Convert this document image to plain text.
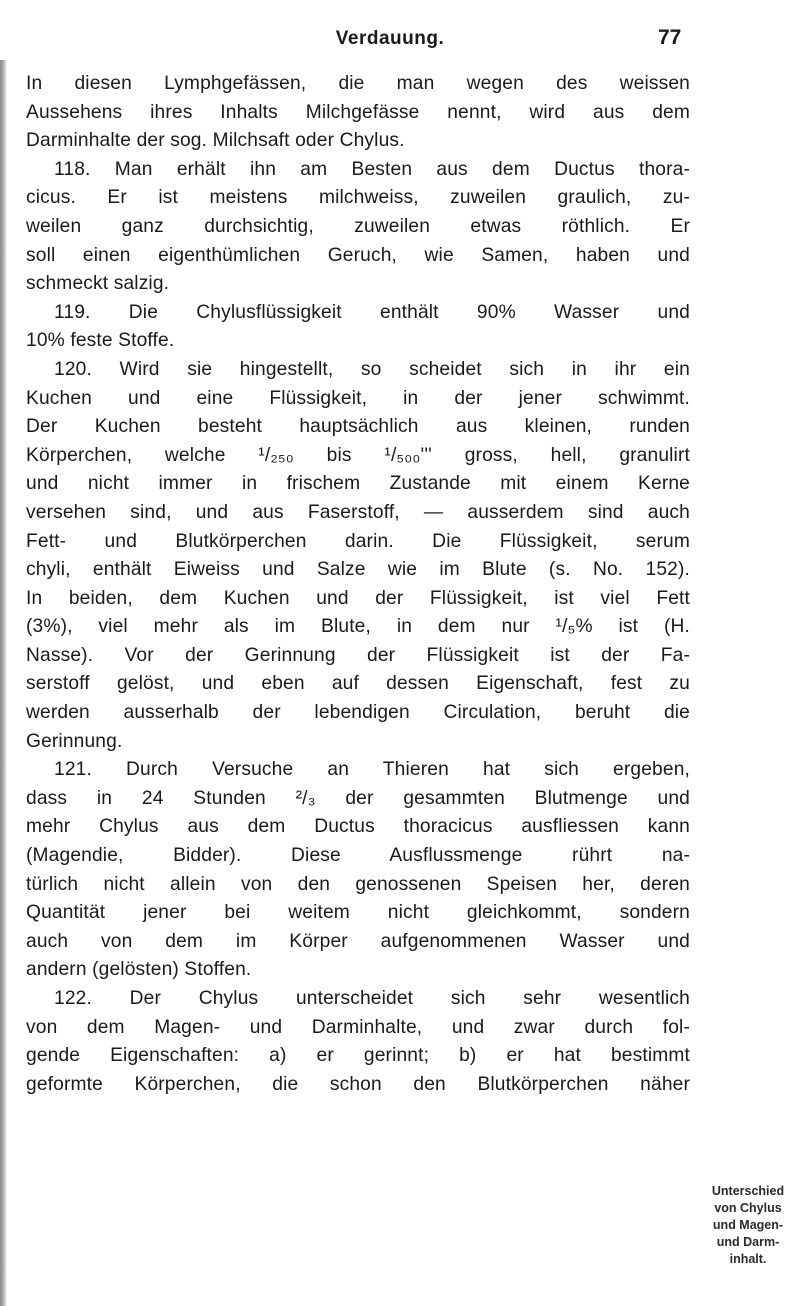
Verdauung.	77
In diesen Lymphgefässen, die man wegen des weissen
Aussehens ihres Inhalts Milchgefässe nennt, wird aus dem
Darminhalte der sog. Milchsaft oder Chylus.
118. Man erhält ihn am Besten aus dem Ductus thora-
cicus. Er ist meistens milchweiss, zuweilen graulich, zu-
weilen ganz durchsichtig, zuweilen etwas röthlich. Er
soll einen eigenthümlichen Geruch, wie Samen, haben und
schmeckt salzig.
119. Die Chylusflüssigkeit enthält 90% Wasser und
10% feste Stoffe.
120. Wird sie hingestellt, so scheidet sich in ihr ein
Kuchen und eine Flüssigkeit, in der jener schwimmt.
Der Kuchen besteht hauptsächlich aus kleinen, runden
Körperchen, welche ¹/₂₅₀ bis ¹/₅₀₀''' gross, hell, granulirt
und nicht immer in frischem Zustande mit einem Kerne
versehen sind, und aus Faserstoff, — ausserdem sind auch
Fett- und Blutkörperchen darin. Die Flüssigkeit, serum
chyli, enthält Eiweiss und Salze wie im Blute (s. No. 152).
In beiden, dem Kuchen und der Flüssigkeit, ist viel Fett
(3%), viel mehr als im Blute, in dem nur ¹/₅% ist (H.
Nasse). Vor der Gerinnung der Flüssigkeit ist der Fa-
serstoff gelöst, und eben auf dessen Eigenschaft, fest zu
werden ausserhalb der lebendigen Circulation, beruht die
Gerinnung.
121. Durch Versuche an Thieren hat sich ergeben,
dass in 24 Stunden ²/₃ der gesammten Blutmenge und
mehr Chylus aus dem Ductus thoracicus ausfliessen kann
(Magendie, Bidder). Diese Ausflussmenge rührt na-
türlich nicht allein von den genossenen Speisen her, deren
Quantität jener bei weitem nicht gleichkommt, sondern
auch von dem im Körper aufgenommenen Wasser und
andern (gelösten) Stoffen.
122. Der Chylus unterscheidet sich sehr wesentlich
von dem Magen- und Darminhalte, und zwar durch fol-
gende Eigenschaften: a) er gerinnt; b) er hat bestimmt
geformte Körperchen, die schon den Blutkörperchen näher
Unterschied
von Chylus
und Magen-
und Darm-
inhalt.
